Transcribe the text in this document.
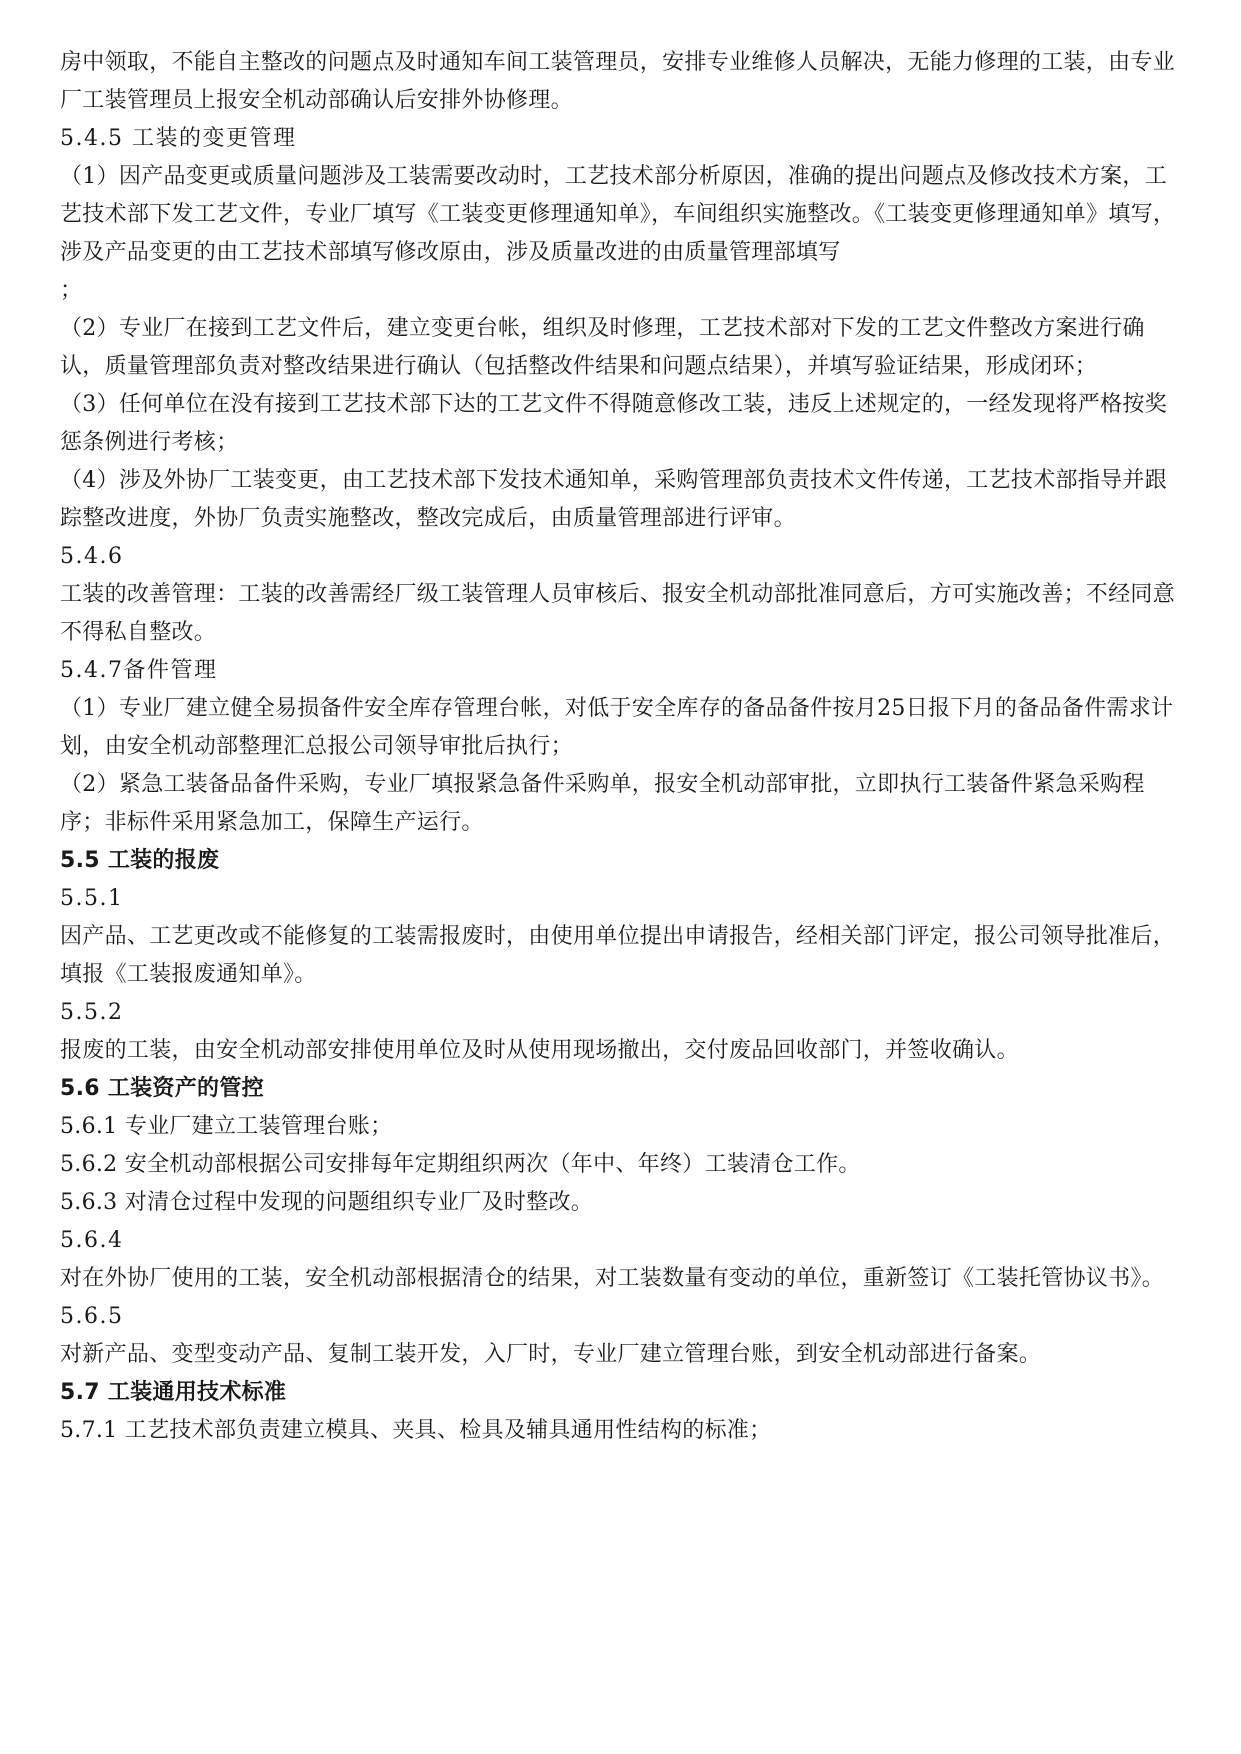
房中领取，不能自主整改的问题点及时通知车间工装管理员，安排专业维修人员解决，无能力修理的工装，由专业厂工装管理员上报安全机动部确认后安排外协修理。

5.4.5 工装的变更管理

（1）因产品变更或质量问题涉及工装需要改动时，工艺技术部分析原因，准确的提出问题点及修改技术方案，工艺技术部下发工艺文件，专业厂填写《工装变更修理通知单》，车间组织实施整改。《工装变更修理通知单》填写，涉及产品变更的由工艺技术部填写修改原由，涉及质量改进的由质量管理部填写

；

（2）专业厂在接到工艺文件后，建立变更台帐，组织及时修理，工艺技术部对下发的工艺文件整改方案进行确认，质量管理部负责对整改结果进行确认（包括整改件结果和问题点结果），并填写验证结果，形成闭环；

（3）任何单位在没有接到工艺技术部下达的工艺文件不得随意修改工装，违反上述规定的，一经发现将严格按奖惩条例进行考核；

（4）涉及外协厂工装变更，由工艺技术部下发技术通知单，采购管理部负责技术文件传递，工艺技术部指导并跟踪整改进度，外协厂负责实施整改，整改完成后，由质量管理部进行评审。

5.4.6

工装的改善管理：工装的改善需经厂级工装管理人员审核后、报安全机动部批准同意后，方可实施改善；不经同意不得私自整改。

5.4.7备件管理

（1）专业厂建立健全易损备件安全库存管理台帐，对低于安全库存的备品备件按月25日报下月的备品备件需求计划，由安全机动部整理汇总报公司领导审批后执行；

（2）紧急工装备品备件采购，专业厂填报紧急备件采购单，报安全机动部审批，立即执行工装备件紧急采购程序；非标件采用紧急加工，保障生产运行。

5.5 工装的报废

5.5.1

因产品、工艺更改或不能修复的工装需报废时，由使用单位提出申请报告，经相关部门评定，报公司领导批准后，填报《工装报废通知单》。

5.5.2

报废的工装，由安全机动部安排使用单位及时从使用现场撤出，交付废品回收部门，并签收确认。

5.6 工装资产的管控

5.6.1 专业厂建立工装管理台账；

5.6.2 安全机动部根据公司安排每年定期组织两次（年中、年终）工装清仓工作。

5.6.3 对清仓过程中发现的问题组织专业厂及时整改。

5.6.4

对在外协厂使用的工装，安全机动部根据清仓的结果，对工装数量有变动的单位，重新签订《工装托管协议书》。

5.6.5

对新产品、变型变动产品、复制工装开发，入厂时，专业厂建立管理台账，到安全机动部进行备案。

5.7 工装通用技术标准

5.7.1 工艺技术部负责建立模具、夹具、检具及辅具通用性结构的标准；
